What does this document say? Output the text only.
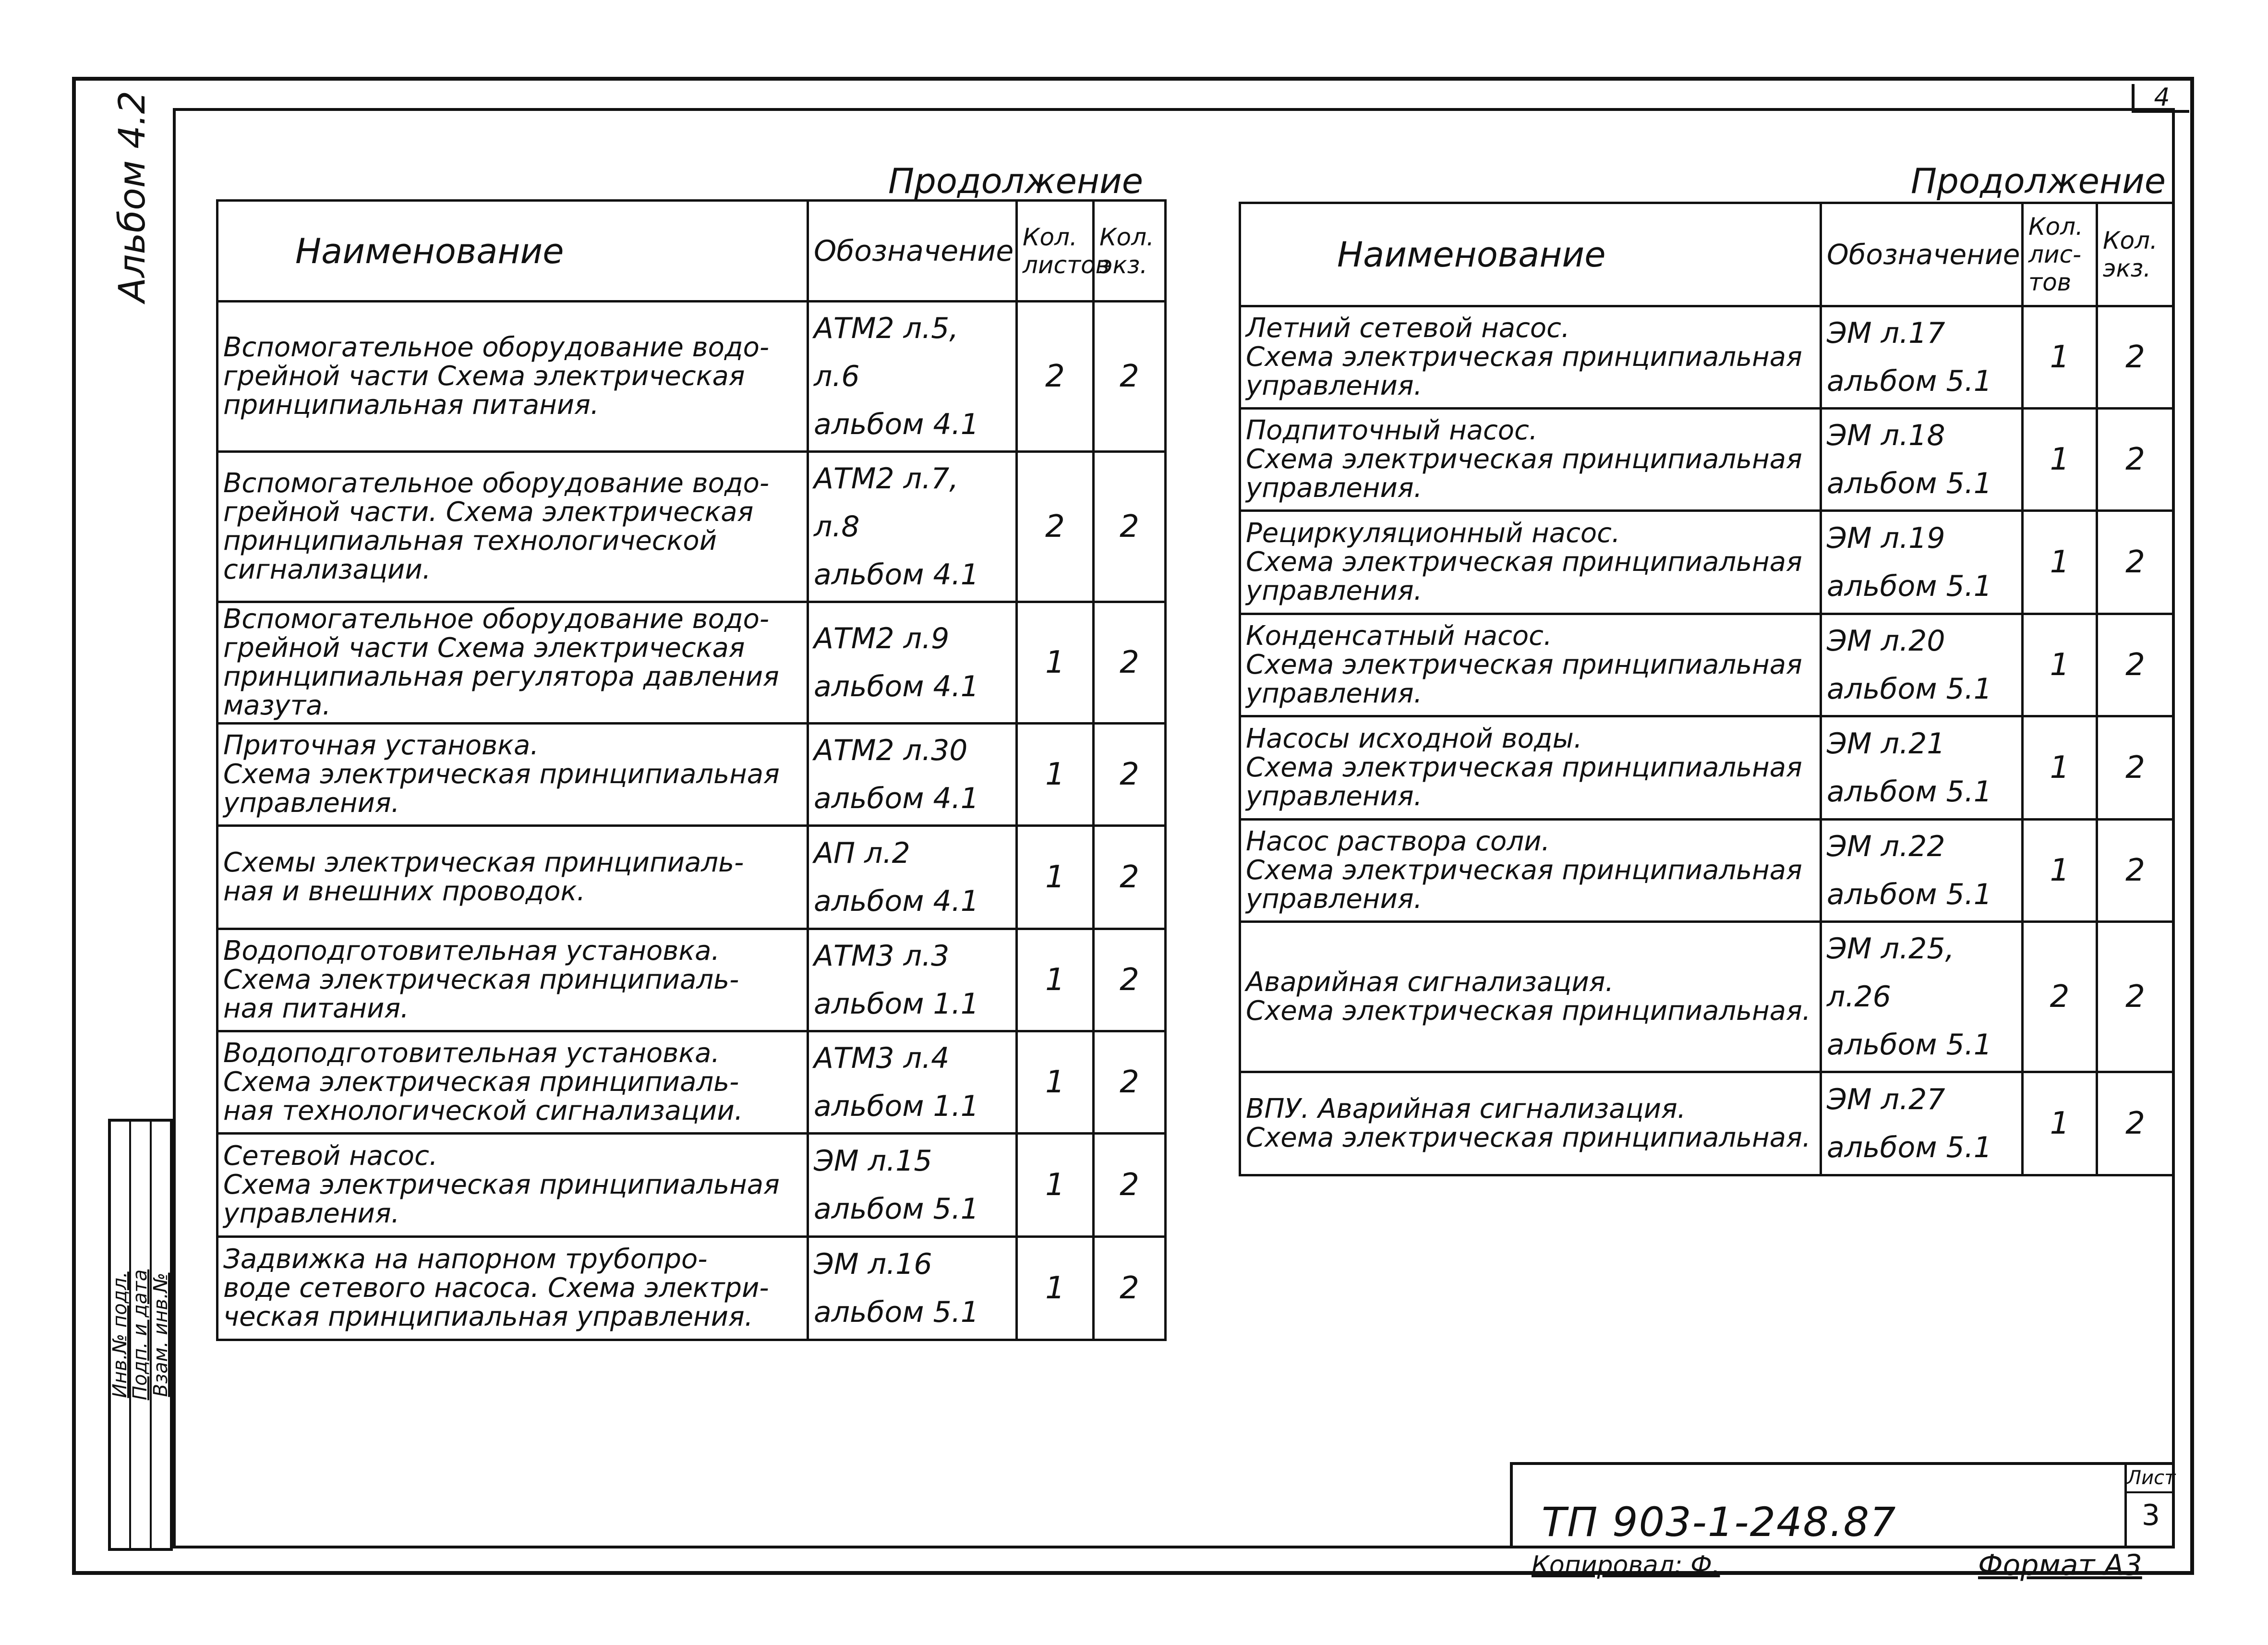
4
Альбом 4.2
Инв.№ подл.
Подп. и дата
Взам. инв.№
Продолжение
Наименование	Обозначение	Кол. листов	Кол. экз.

Вспомогательное оборудование водо-
грейной части Схема электрическая
принципиальная питания.	АТМ2 л.5, л.6
альбом 4.1	2	2

Вспомогательное оборудование водо-
грейной части. Схема электрическая
принципиальная технологической
сигнализации.	АТМ2 л.7, л.8
альбом 4.1	2	2

Вспомогательное оборудование водо-
грейной части Схема электрическая
принципиальная регулятора давления
мазута.	АТМ2 л.9
альбом 4.1	1	2

Приточная установка.
Схема электрическая принципиальная
управления.	АТМ2 л.30
альбом 4.1	1	2

Схемы электрическая принципиаль-
ная и внешних проводок.	АП л.2
альбом 4.1	1	2

Водоподготовительная установка.
Схема электрическая принципиаль-
ная питания.	АТМ3 л.3
альбом 1.1	1	2

Водоподготовительная установка.
Схема электрическая принципиаль-
ная технологической сигнализации.	АТМ3 л.4
альбом 1.1	1	2

Сетевой насос.
Схема электрическая принципиальная
управления.	ЭМ л.15
альбом 5.1	1	2

Задвижка на напорном трубопро-
воде сетевого насоса. Схема электри-
ческая принципиальная управления.	ЭМ л.16
альбом 5.1	1	2
Продолжение
Наименование	Обозначение	Кол. лис- тов	Кол. экз.

Летний сетевой насос.
Схема электрическая принципиальная
управления.	ЭМ л.17
альбом 5.1	1	2

Подпиточный насос.
Схема электрическая принципиальная
управления.	ЭМ л.18
альбом 5.1	1	2

Рециркуляционный насос.
Схема электрическая принципиальная
управления.	ЭМ л.19
альбом 5.1	1	2

Конденсатный насос.
Схема электрическая принципиальная
управления.	ЭМ л.20
альбом 5.1	1	2

Насосы исходной воды.
Схема электрическая принципиальная
управления.	ЭМ л.21
альбом 5.1	1	2

Насос раствора соли.
Схема электрическая принципиальная
управления.	ЭМ л.22
альбом 5.1	1	2

Аварийная сигнализация.
Схема электрическая принципиальная.	ЭМ л.25, л.26
альбом 5.1	2	2

ВПУ. Аварийная сигнализация.
Схема электрическая принципиальная.	ЭМ л.27
альбом 5.1	1	2
ТП 903-1-248.87
Лист
3
Копировал: Ф.	Формат А3
